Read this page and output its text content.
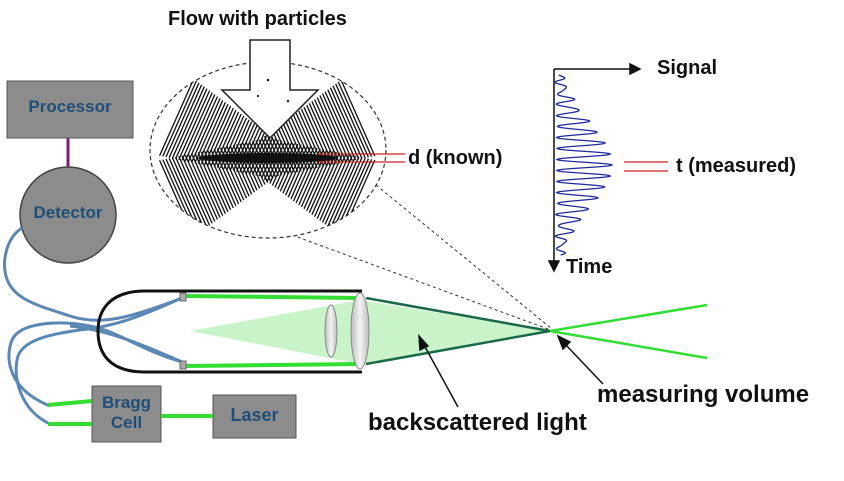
Flow with particles
Processor
Detector
Bragg
Cell	Laser
d (known)
Signal
Time
t (measured)
measuring volume
backscattered light
